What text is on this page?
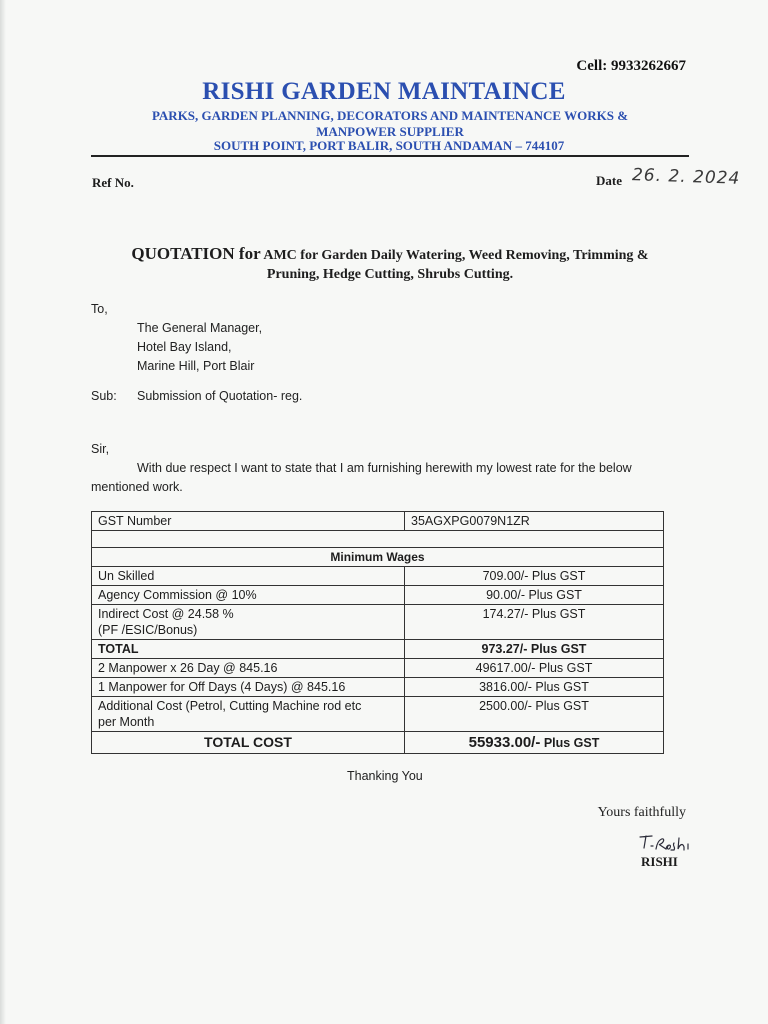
Cell: 9933262667
RISHI GARDEN MAINTAINCE
PARKS, GARDEN PLANNING, DECORATORS AND MAINTENANCE WORKS &
MANPOWER SUPPLIER
SOUTH POINT, PORT BALIR, SOUTH ANDAMAN – 744107
Ref No.	Date 26. 2. 2024
QUOTATION for AMC for Garden Daily Watering, Weed Removing, Trimming &
Pruning, Hedge Cutting, Shrubs Cutting.
To,
The General Manager,
Hotel Bay Island,
Marine Hill, Port Blair
Sub: Submission of Quotation- reg.
Sir,
With due respect I want to state that I am furnishing herewith my lowest rate for the below mentioned work.
GST Number	35AGXPG0079N1ZR

Minimum Wages	
Un Skilled	709.00/- Plus GST
Agency Commission @ 10%	90.00/- Plus GST

Indirect Cost @ 24.58 %
(PF /ESIC/Bonus)	174.27/- Plus GST
TOTAL	973.27/- Plus GST
2 Manpower x 26 Day @ 845.16	49617.00/- Plus GST
1 Manpower for Off Days (4 Days) @ 845.16	3816.00/- Plus GST

Additional Cost (Petrol, Cutting Machine rod etc
per Month	2500.00/- Plus GST
TOTAL COST	55933.00/- Plus GST
Thanking You
Yours faithfully
RISHI
